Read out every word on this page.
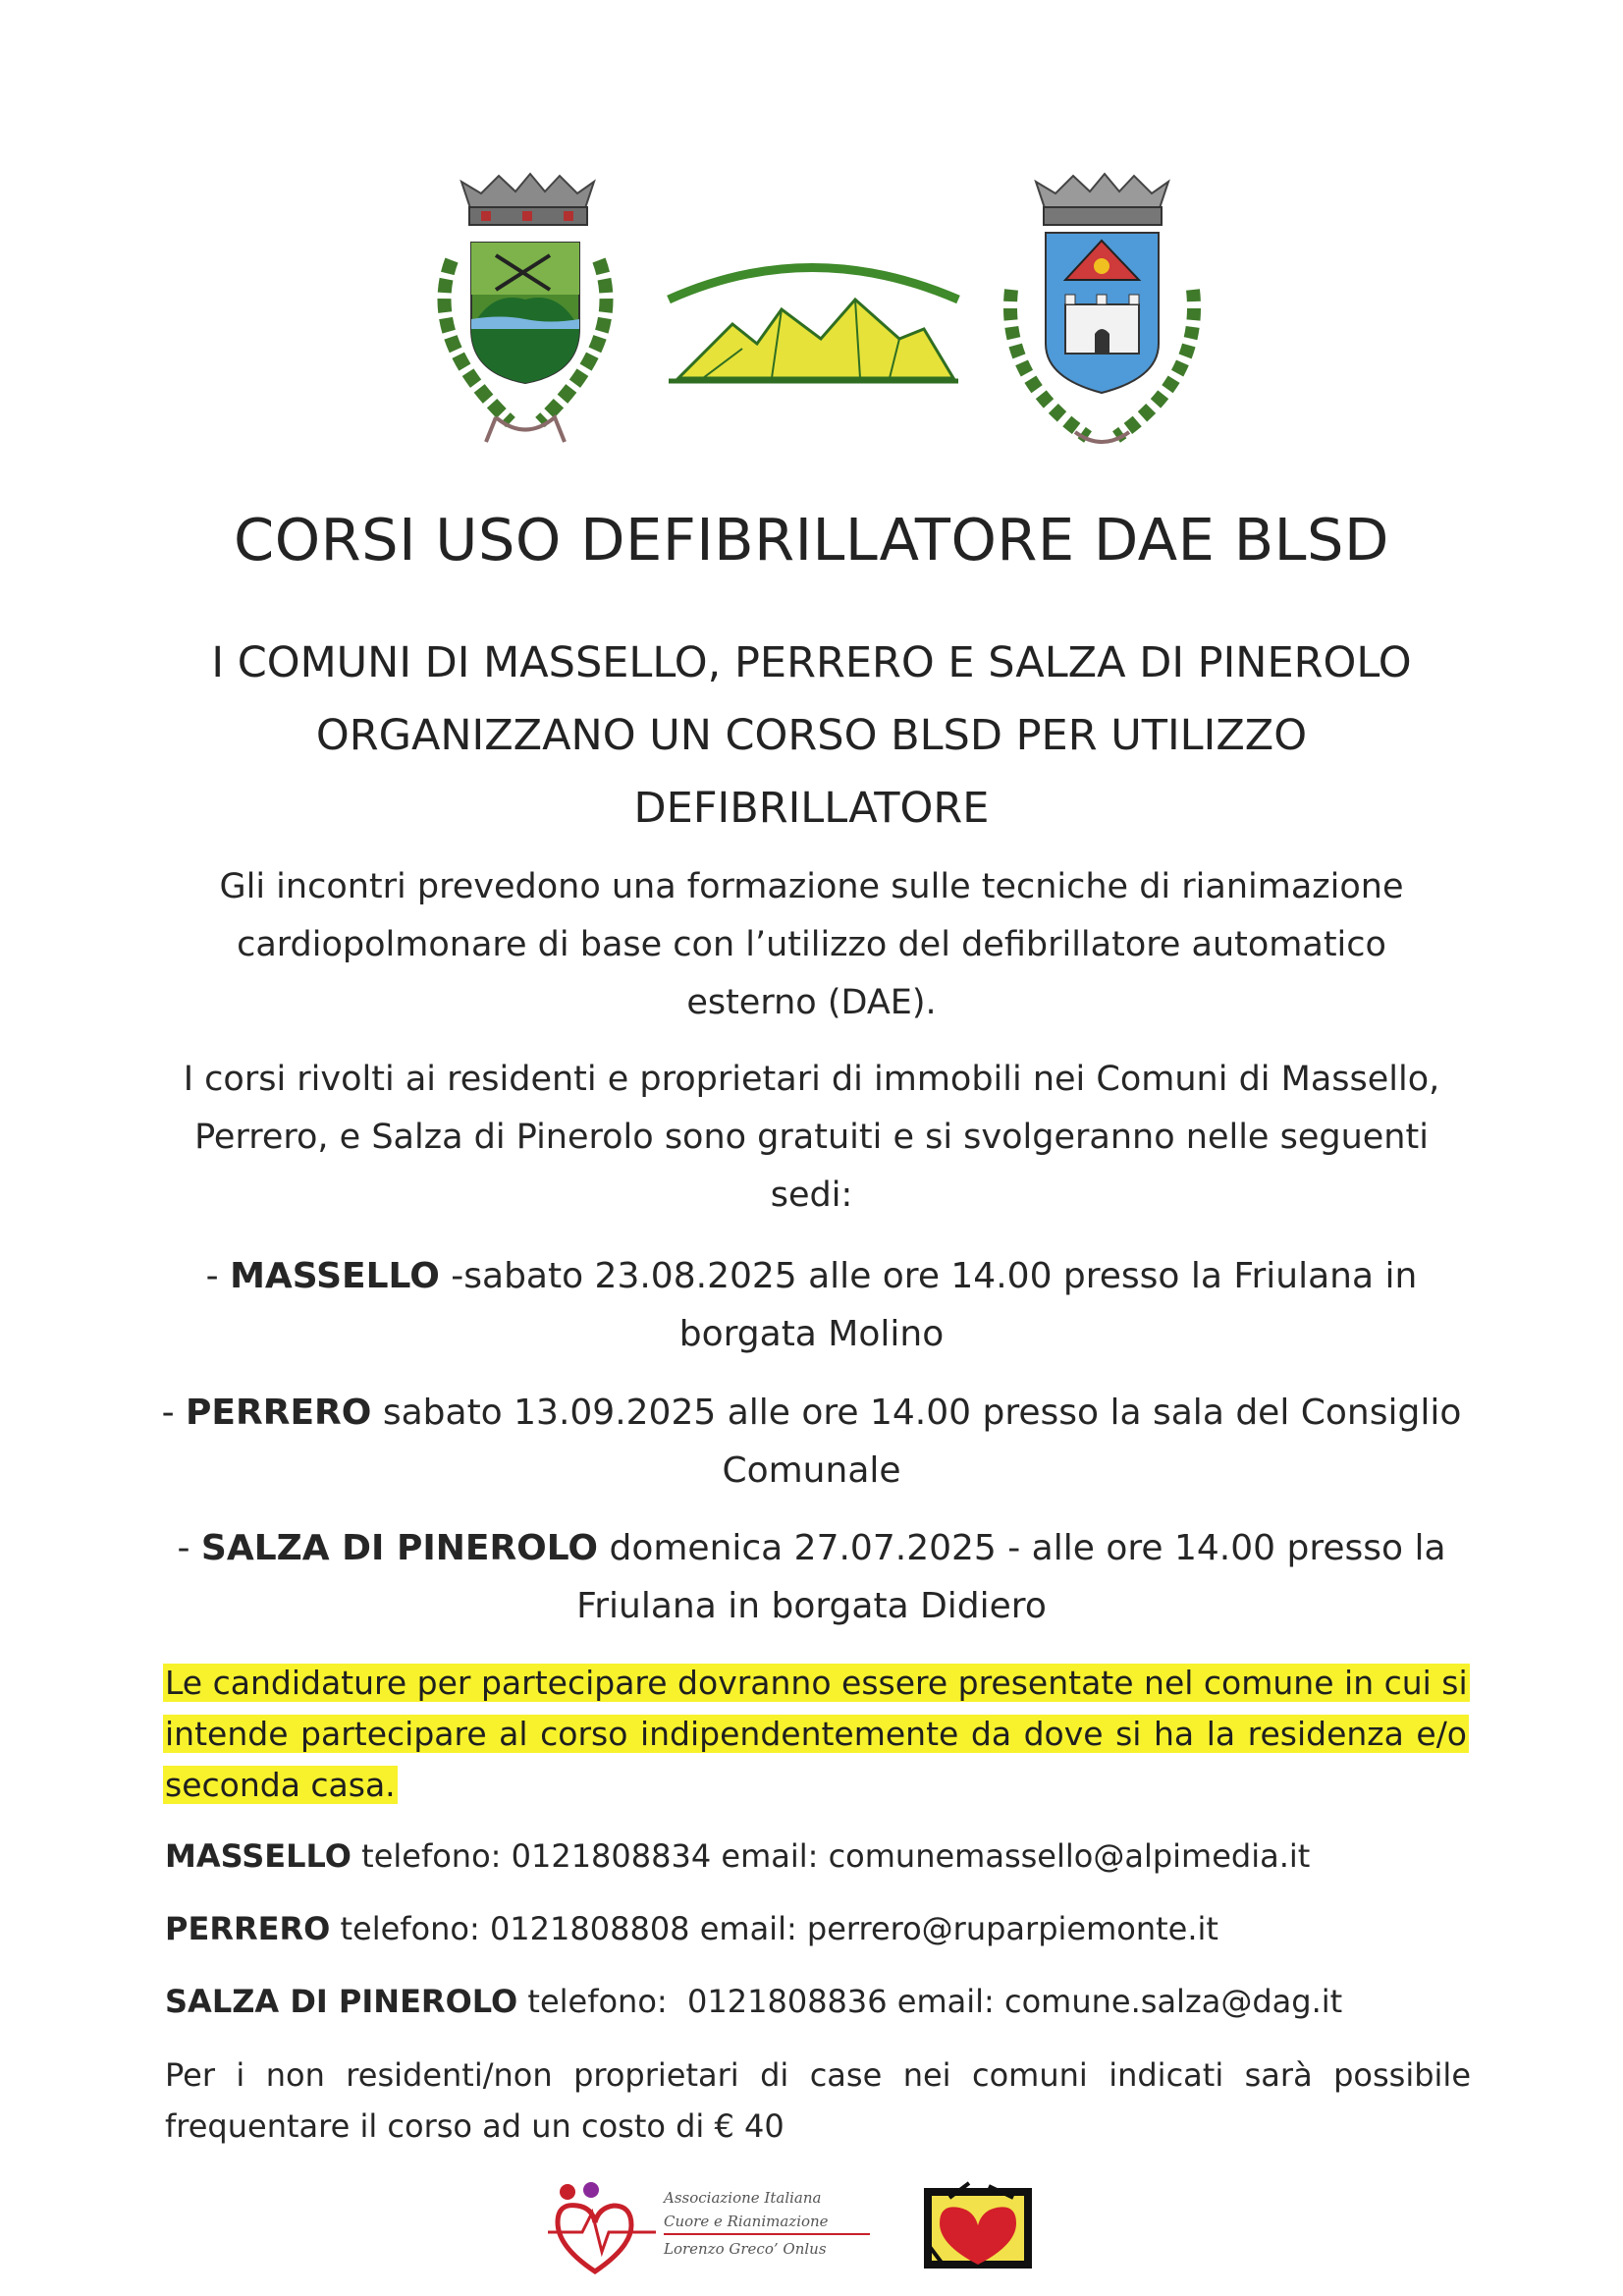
CORSI USO DEFIBRILLATORE DAE BLSD
I COMUNI DI MASSELLO, PERRERO E SALZA DI PINEROLO
ORGANIZZANO UN CORSO BLSD PER UTILIZZO
DEFIBRILLATORE
Gli incontri prevedono una formazione sulle tecniche di rianimazione
cardiopolmonare di base con l’utilizzo del defibrillatore automatico
esterno (DAE).
I corsi rivolti ai residenti e proprietari di immobili nei Comuni di Massello,
Perrero, e Salza di Pinerolo sono gratuiti e si svolgeranno nelle seguenti
sedi:
- MASSELLO -sabato 23.08.2025 alle ore 14.00 presso la Friulana in
borgata Molino
- PERRERO sabato 13.09.2025 alle ore 14.00 presso la sala del Consiglio
Comunale
- SALZA DI PINEROLO domenica 27.07.2025 - alle ore 14.00 presso la
Friulana in borgata Didiero
Le candidature per partecipare dovranno essere presentate nel comune in cui si intende partecipare al corso indipendentemente da dove si ha la residenza e/o seconda casa.
MASSELLO telefono: 0121808834 email: comunemassello@alpimedia.it
PERRERO telefono: 0121808808 email: perrero@ruparpiemonte.it
SALZA DI PINEROLO telefono:  0121808836 email: comune.salza@dag.it
Per i non residenti/non proprietari di case nei comuni indicati sarà possibile frequentare il corso ad un costo di € 40
Associazione Italiana
Cuore e Rianimazione
Lorenzo Greco’ Onlus
